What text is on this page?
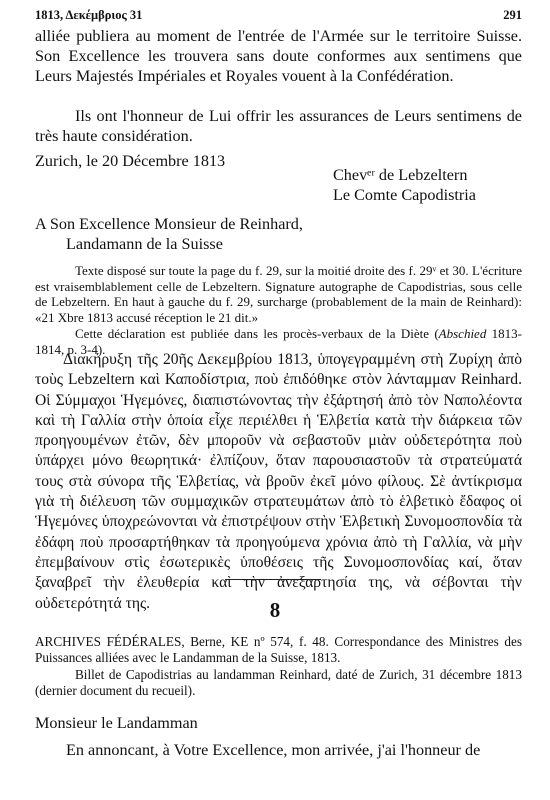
1813, Δεκέμβριος 31	291

alliée publiera au moment de l'entrée de l'Armée sur le territoire Suisse. Son Excellence les trouvera sans doute conformes aux sentimens que Leurs Majestés Impériales et Royales vouent à la Confédération.

Ils ont l'honneur de Lui offrir les assurances de Leurs sentimens de très haute considération.

Zurich, le 20 Décembre 1813

Chevᵉʳ de Lebzeltern
Le Comte Capodistria

A Son Excellence Monsieur de Reinhard,

Landamann de la Suisse

Texte disposé sur toute la page du f. 29, sur la moitié droite des f. 29ᵛ et 30. L'écriture est vraisemblablement celle de Lebzeltern. Signature autographe de Capodistrias, sous celle de Lebzeltern. En haut à gauche du f. 29, surcharge (probablement de la main de Reinhard): «21 Xbre 1813 accusé réception le 21 dit.»

Cette déclaration est publiée dans les procès-verbaux de la Diète (Abschied 1813-1814, p. 3-4).

Διακήρυξη τῆς 20ῆς Δεκεμβρίου 1813, ὑπογεγραμμένη στὴ Ζυρίχη ἀπὸ τοὺς Lebzeltern καὶ Καποδίστρια, ποὺ ἐπιδόθηκε στὸν λάνταμμαν Reinhard. Οἱ Σύμμαχοι Ἡγεμόνες, διαπιστώνοντας τὴν ἐξάρτησή ἀπὸ τὸν Ναπολέοντα καὶ τὴ Γαλλία στὴν ὁποία εἶχε περιέλθει ἡ Ἑλβετία κατὰ τὴν διάρκεια τῶν προηγουμένων ἐτῶν, δὲν μποροῦν νὰ σεβαστοῦν μιὰν οὐδετερότητα ποὺ ὑπάρχει μόνο θεωρητικά· ἐλπίζουν, ὅταν παρουσιαστοῦν τὰ στρατεύματά τους στὰ σύνορα τῆς Ἑλβετίας, νὰ βροῦν ἐκεῖ μόνο φίλους. Σὲ ἀντίκρισμα γιὰ τὴ διέλευση τῶν συμμαχικῶν στρατευμάτων ἀπὸ τὸ ἑλβετικὸ ἔδαφος οἱ Ἡγεμόνες ὑποχρεώνονται νὰ ἐπιστρέψουν στὴν Ἑλβετικὴ Συνομοσπονδία τὰ ἐδάφη ποὺ προσαρτήθηκαν τὰ προηγούμενα χρόνια ἀπὸ τὴ Γαλλία, νὰ μὴν ἐπεμβαίνουν στὶς ἐσωτερικὲς ὑποθέσεις τῆς Συνομοσπονδίας καί, ὅταν ξαναβρεῖ τὴν ἐλευθερία καὶ τὴν ἀνεξαρτησία της, νὰ σέβονται τὴν οὐδετερότητά της.	8

ARCHIVES FÉDÉRALES, Berne, KE nº 574, f. 48. Correspondance des Ministres des Puissances alliées avec le Landamman de la Suisse, 1813.

Billet de Capodistrias au landamman Reinhard, daté de Zurich, 31 décembre 1813 (dernier document du recueil).

Monsieur le Landamman

En annoncant, à Votre Excellence, mon arrivée, j'ai l'honneur de
